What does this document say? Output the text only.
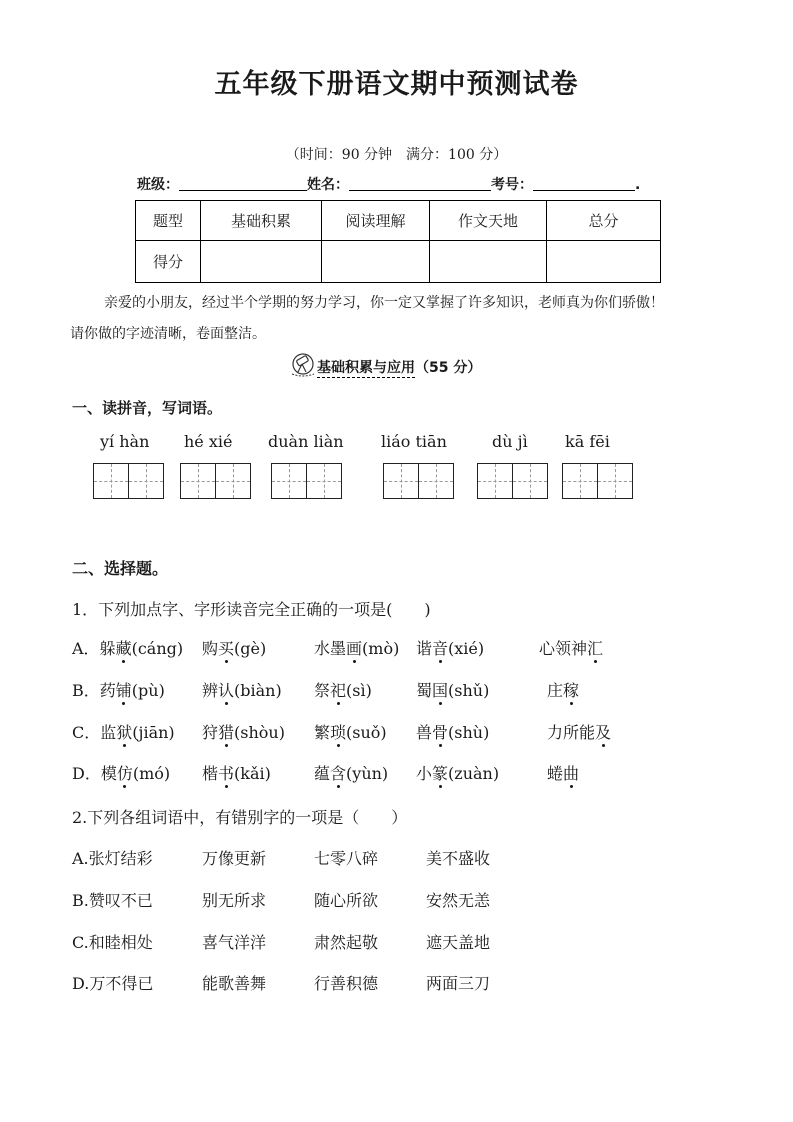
五年级下册语文期中预测试卷
（时间：90 分钟　满分：100 分）
班级：	姓名：	考号：	.
题型	基础积累	阅读理解	作文天地	总分
得分				
亲爱的小朋友，经过半个学期的努力学习，你一定又掌握了许多知识，老师真为你们骄傲！
请你做的字迹清晰，卷面整洁。
基础积累与应用（55 分）
一、读拼音，写词语。
yí hàn hé xié duàn liàn liáo tiān	dù jì kā fēi
二、选择题。
1．下列加点字、字形读音完全正确的一项是(　　)
A．躲藏(cáng) 购买(gè)	水墨画(mò) 谐音(xié)	心领神汇
B．药铺(pù) 辨认(biàn) 祭祀(sì)	蜀国(shǔ)	庄稼
C．监狱(jiān) 狩猎(shòu) 繁琐(suǒ) 兽骨(shù)	力所能及
D．模仿(mó) 楷书(kǎi)	蕴含(yùn) 小篆(zuàn)	蜷曲
2.下列各组词语中，有错别字的一项是（　　）
A.张灯结彩	万像更新	七零八碎	美不盛收
B.赞叹不已	别无所求	随心所欲	安然无恙
C.和睦相处	喜气洋洋	肃然起敬	遮天盖地
D.万不得已	能歌善舞	行善积德	两面三刀
